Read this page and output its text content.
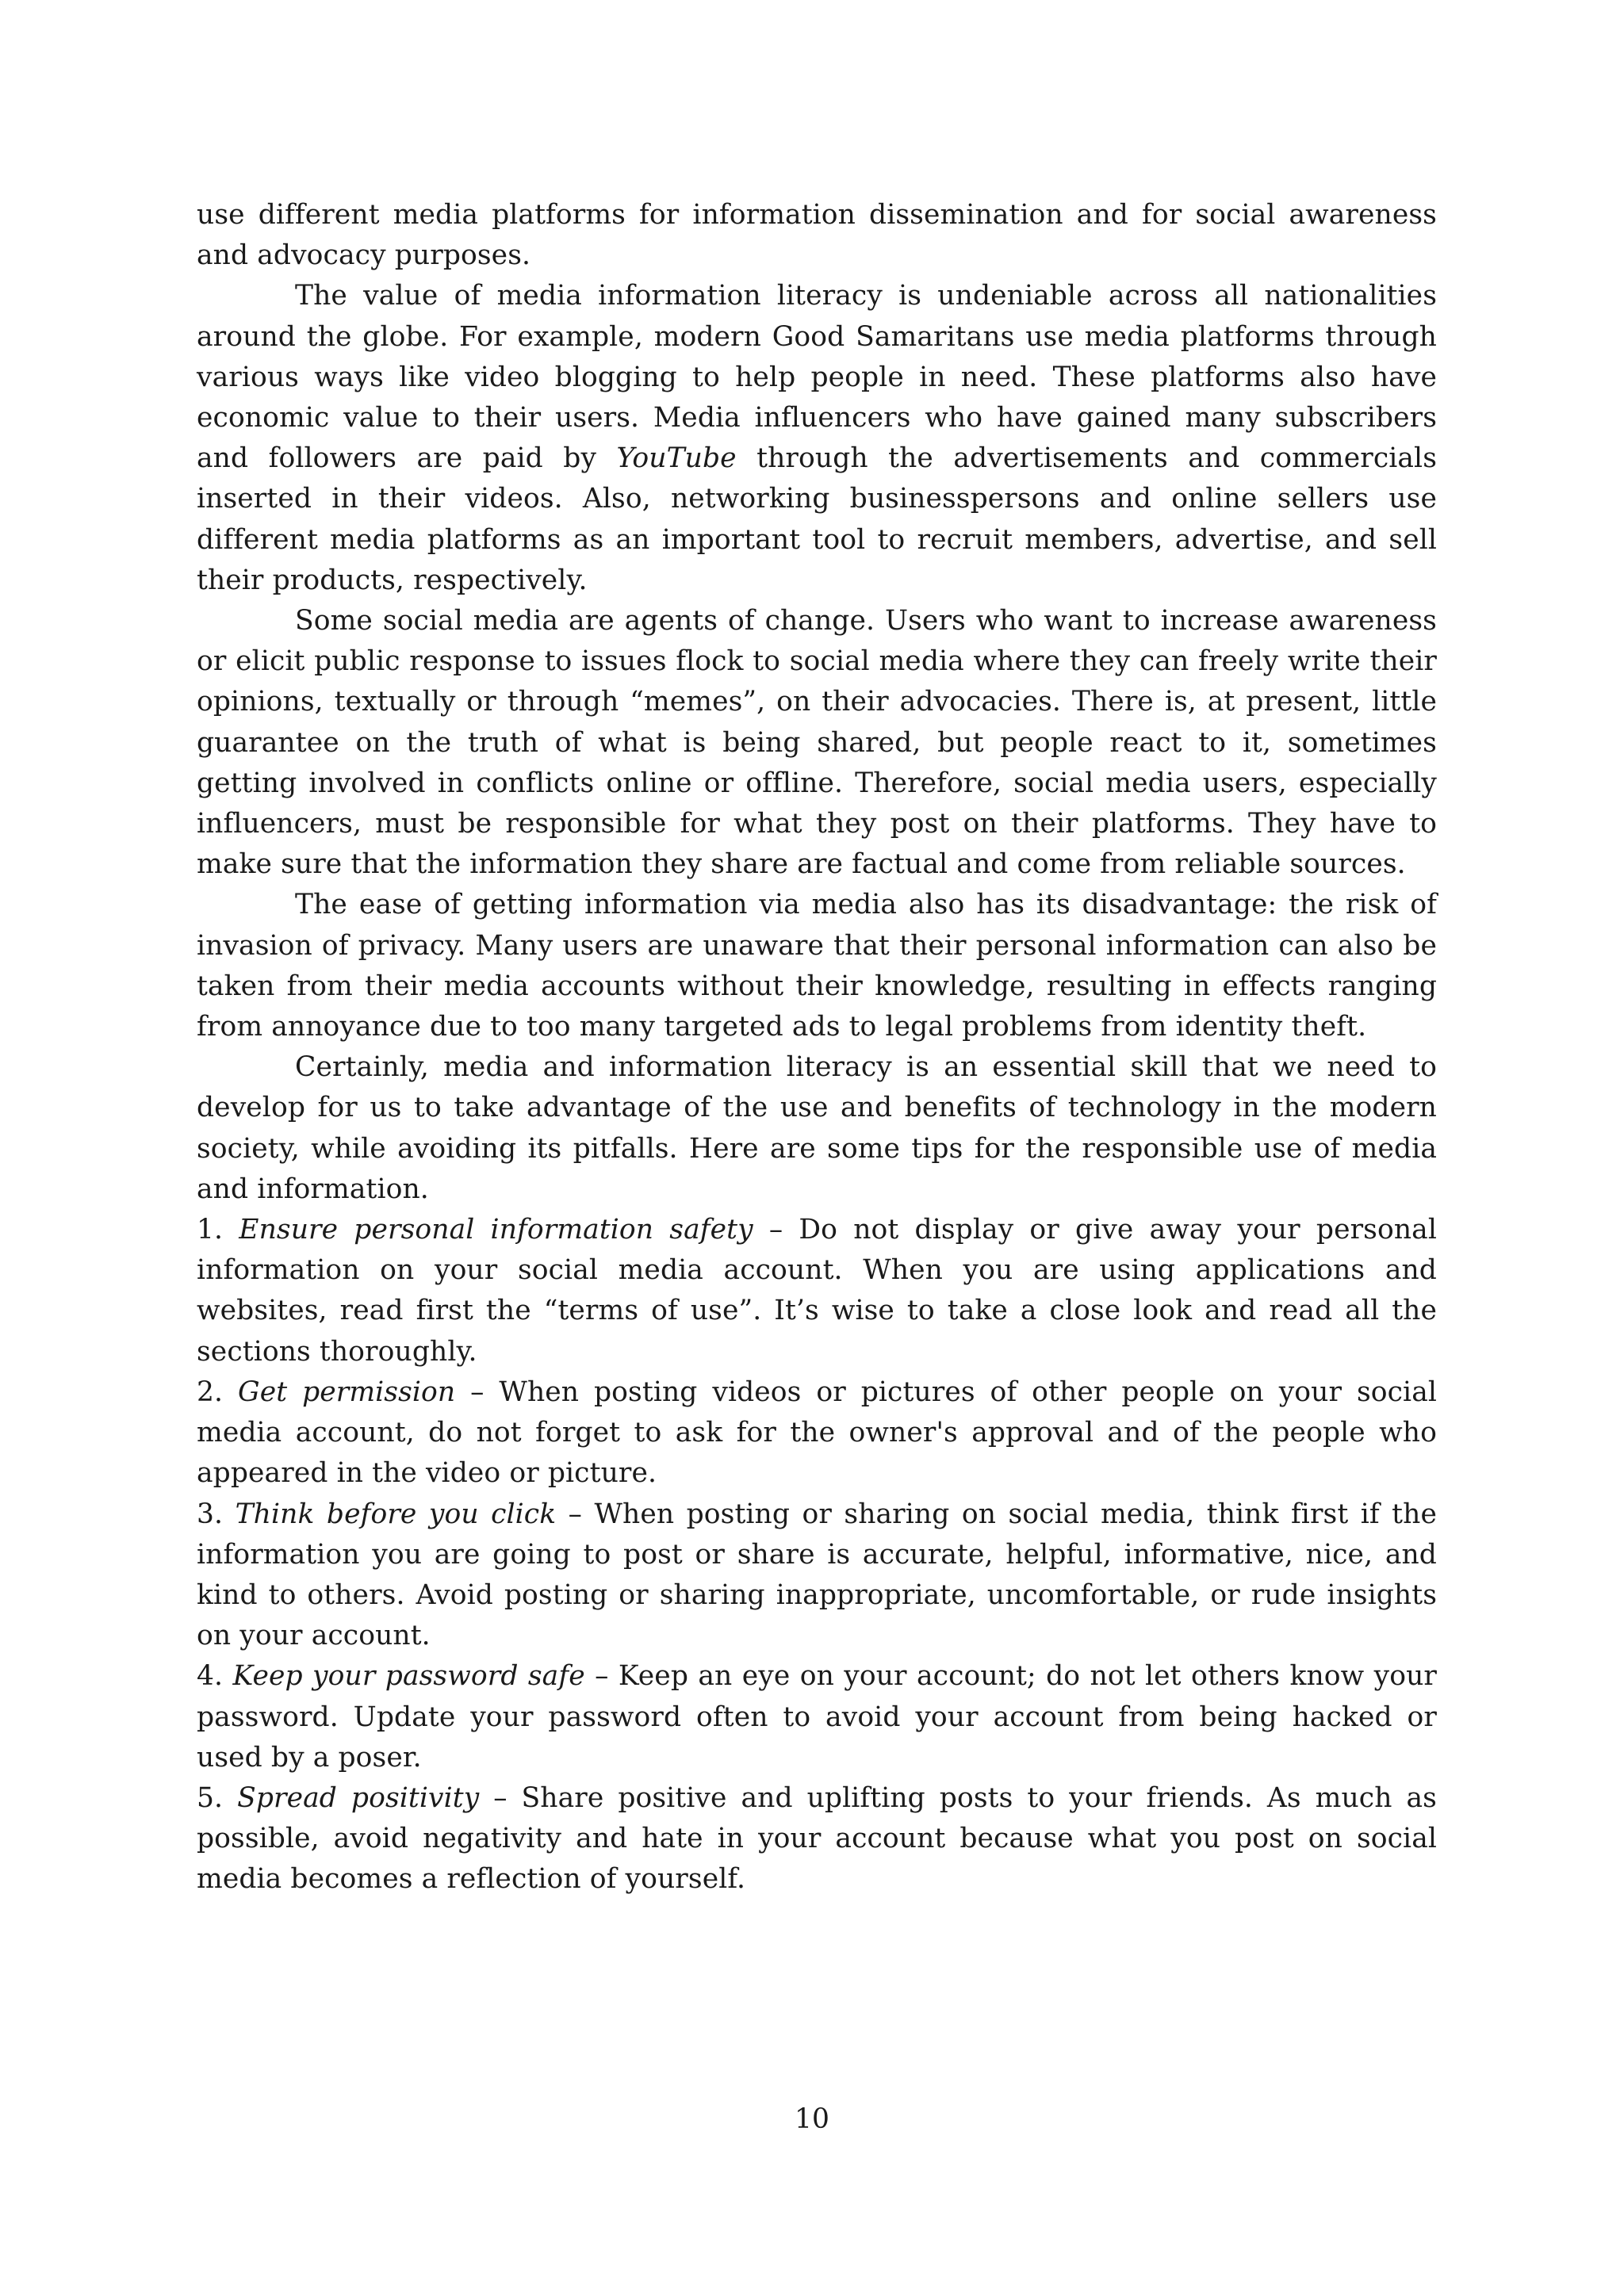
use different media platforms for information dissemination and for social awareness and advocacy purposes.

The value of media information literacy is undeniable across all nationalities around the globe. For example, modern Good Samaritans use media platforms through various ways like video blogging to help people in need. These platforms also have economic value to their users. Media influencers who have gained many subscribers and followers are paid by YouTube through the advertisements and commercials inserted in their videos. Also, networking businesspersons and online sellers use different media platforms as an important tool to recruit members, advertise, and sell their products, respectively.

Some social media are agents of change. Users who want to increase awareness or elicit public response to issues flock to social media where they can freely write their opinions, textually or through “memes”, on their advocacies. There is, at present, little guarantee on the truth of what is being shared, but people react to it, sometimes getting involved in conflicts online or offline. Therefore, social media users, especially influencers, must be responsible for what they post on their platforms. They have to make sure that the information they share are factual and come from reliable sources.

The ease of getting information via media also has its disadvantage: the risk of invasion of privacy. Many users are unaware that their personal information can also be taken from their media accounts without their knowledge, resulting in effects ranging from annoyance due to too many targeted ads to legal problems from identity theft.

Certainly, media and information literacy is an essential skill that we need to develop for us to take advantage of the use and benefits of technology in the modern society, while avoiding its pitfalls. Here are some tips for the responsible use of media and information.

1. Ensure personal information safety – Do not display or give away your personal information on your social media account. When you are using applications and websites, read first the “terms of use”. It’s wise to take a close look and read all the sections thoroughly.

2. Get permission – When posting videos or pictures of other people on your social media account, do not forget to ask for the owner's approval and of the people who appeared in the video or picture.

3. Think before you click – When posting or sharing on social media, think first if the information you are going to post or share is accurate, helpful, informative, nice, and kind to others. Avoid posting or sharing inappropriate, uncomfortable, or rude insights on your account.

4. Keep your password safe – Keep an eye on your account; do not let others know your password. Update your password often to avoid your account from being hacked or used by a poser.

5. Spread positivity – Share positive and uplifting posts to your friends. As much as possible, avoid negativity and hate in your account because what you post on social media becomes a reflection of yourself.

10
